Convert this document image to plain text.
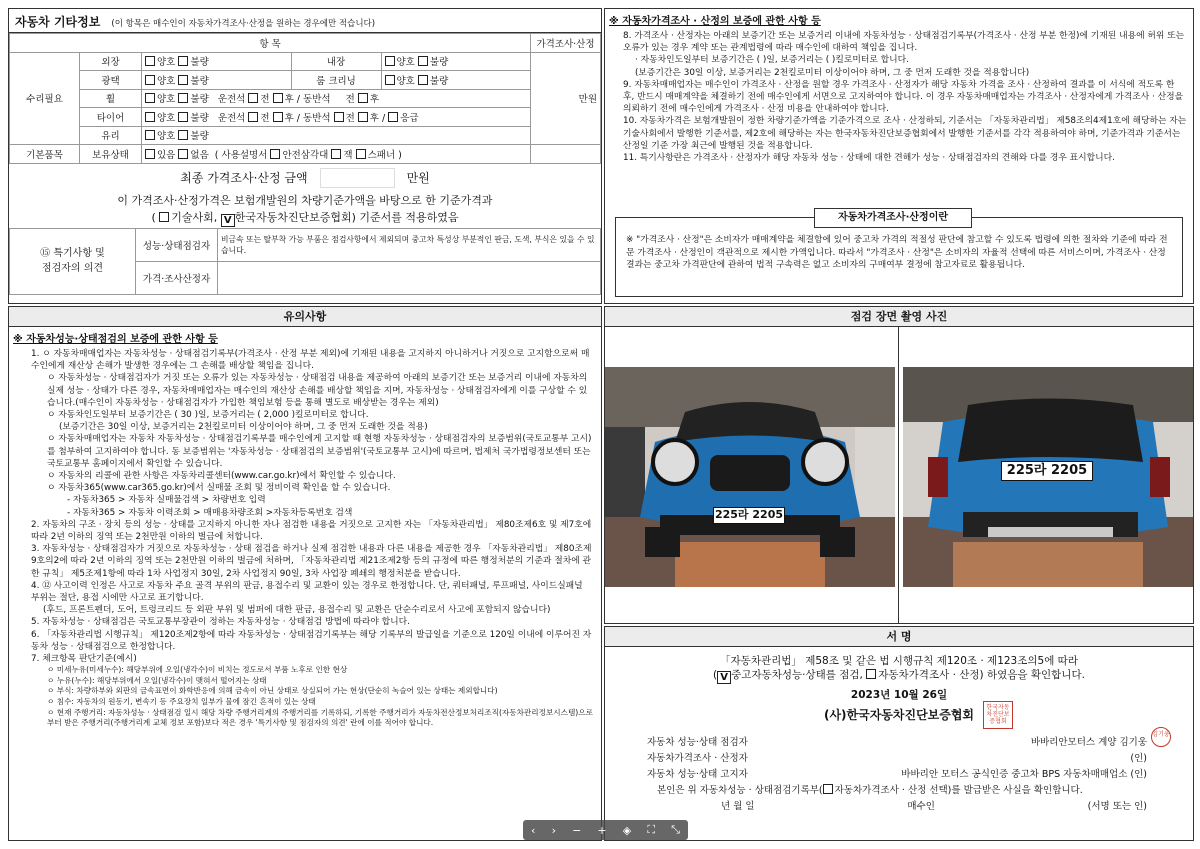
자동차 기타정보 (이 항목은 매수인이 자동차가격조사·산정을 원하는 경우에만 적습니다)
항 목					가격조사·산정
수리필요	외장	양호 불량	내장	양호 불량	만원
	광택	양호 불량	룸 크리닝	양호 불량	
	휠	양호 불량 운전석 전 후 / 동반석 전 후			
	타이어	양호 불량 운전석 전 후 / 동반석 전 후 / 응급			
	유리	양호 불량			
기본품목	보유상태	있음 없음 ( 사용설명서 안전삼각대 잭 스패너 )			
최종 가격조사·산정 금액	만원
이 가격조사·산정가격은 보험개발원의 차량기준가액을 바탕으로 한 기준가격과
( 기술사회, V 한국자동차진단보증협회) 기준서를 적용하였음
⑮ 특기사항 및
점검자의 의견	성능·상태점검자	비금속 또는 탈부착 가능 부품은 점검사항에서 제외되며 중고차 특성상 부분적인 판금, 도색, 부식은 있을 수 있습니다.
	가격·조사산정자	
※ 자동차가격조사 · 산정의 보증에 관한 사항 등
8. 가격조사 · 산정자는 아래의 보증기간 또는 보증거리 이내에 자동차성능 · 상태점검기록부(가격조사 · 산정 부분 한정)에 기재된 내용에 허위 또는 오류가 있는 경우 계약 또는 관계법령에 따라 매수인에 대하여 책임을 집니다.
· 자동차인도일부터 보증기간은 ( )일, 보증거리는 ( )킬로미터로 합니다.
(보증기간은 30일 이상, 보증거리는 2천킬로미터 이상이어야 하며, 그 중 먼저 도래한 것을 적용합니다)
9. 자동차매매업자는 매수인이 가격조사 · 산정을 원할 경우 가격조사 · 산정자가 해당 자동차 가격을 조사 · 산정하여 결과를 이 서식에 적도록 한 후, 반드시 매매계약을 체결하기 전에 매수인에게 서면으로 고지하여야 합니다. 이 경우 자동차매매업자는 가격조사 · 산정자에게 가격조사 · 산정을 의뢰하기 전에 매수인에게 가격조사 · 산정 비용을 안내하여야 합니다.
10. 자동차가격은 보험개발원이 정한 차량기준가액을 기준가격으로 조사 · 산정하되, 기준서는 「자동차관리법」 제58조의4제1호에 해당하는 자는 기술사회에서 발행한 기준서를, 제2호에 해당하는 자는 한국자동차진단보증협회에서 발행한 기준서를 각각 적용하여야 하며, 기준가격과 기준서는 산정일 기준 가장 최근에 발행된 것을 적용합니다.
11. 특기사항란은 가격조사 · 산정자가 해당 자동차 성능 · 상태에 대한 견해가 성능 · 상태점검자의 견해와 다를 경우 표시합니다.
자동차가격조사·산정이란
※ "가격조사 · 산정"은 소비자가 매매계약을 체결함에 있어 중고차 가격의 적절성 판단에 참고할 수 있도록 법령에 의한 절차와 기준에 따라 전문 가격조사 · 산정인이 객관적으로 제시한 가액입니다. 따라서 "가격조사 · 산정"은 소비자의 자율적 선택에 따른 서비스이며, 가격조사 · 산정 결과는 중고차 가격판단에 관하여 법적 구속력은 없고 소비자의 구매여부 결정에 참고자료로 활용됩니다.
유의사항
※ 자동차성능·상태점검의 보증에 관한 사항 등
1. ㅇ 자동차매매업자는 자동차성능 · 상태점검기록부(가격조사 · 산정 부분 제외)에 기재된 내용을 고지하지 아니하거나 거짓으로 고지함으로써 매수인에게 재산상 손해가 발생한 경우에는 그 손해를 배상할 책임을 집니다.
ㅇ 자동차성능 · 상태점검자가 거짓 또는 오류가 있는 자동차성능 · 상태점검 내용을 제공하여 아래의 보증기간 또는 보증거리 이내에 자동차의 실제 성능 · 상태가 다른 경우, 자동차매매업자는 매수인의 재산상 손해를 배상할 책임을 지며, 자동차성능 · 상태점검자에게 이를 구상할 수 있습니다.(매수인이 자동차성능 · 상태점검자가 가입한 책임보험 등을 통해 별도로 배상받는 경우는 제외)
ㅇ 자동차인도일부터 보증기간은 ( 30 )일, 보증거리는 ( 2,000 )킬로미터로 합니다.
(보증기간은 30일 이상, 보증거리는 2천킬로미터 이상이어야 하며, 그 중 먼저 도래한 것을 적용)
ㅇ 자동차매매업자는 자동차 자동차성능 · 상태점검기록부를 매수인에게 고지할 때 현행 자동차성능 · 상태점검자의 보증범위(국토교통부 고시)를 첨부하여 고지하여야 합니다. 동 보증범위는 '자동차성능 · 상태점검의 보증범위'(국토교통부 고시)에 따르며, 법제처 국가법령정보센터 또는 국토교통부 홈페이지에서 확인할 수 있습니다.
ㅇ 자동차의 리콜에 관한 사항은 자동차리콜센터(www.car.go.kr)에서 확인할 수 있습니다.
ㅇ 자동차365(www.car365.go.kr)에서 실매물 조회 및 정비이력 확인을 할 수 있습니다.
- 자동차365 > 자동차 실매물검색 > 차량번호 입력
- 자동차365 > 자동차 이력조회 > 매매용차량조회 >자동차등록번호 검색
2. 자동차의 구조 · 장치 등의 성능 · 상태를 고지하지 아니한 자나 점검한 내용을 거짓으로 고지한 자는 「자동차관리법」 제80조제6호 및 제7호에 따라 2년 이하의 징역 또는 2천만원 이하의 벌금에 처합니다.
3. 자동차성능 · 상태점검자가 거짓으로 자동차성능 · 상태 점검을 하거나 실제 점검한 내용과 다른 내용을 제공한 경우 「자동차관리법」 제80조제9호의2에 따라 2년 이하의 징역 또는 2천만원 이하의 벌금에 처하며, 「자동차관리법 제21조제2항 등의 규정에 따른 행정처분의 기준과 절차에 관한 규칙」 제5조제1항에 따라 1차 사업정지 30일, 2차 사업정지 90일, 3차 사업장 폐쇄의 행정처분을 받습니다.
4. ⑫ 사고이력 인정은 사고로 자동차 주요 골격 부위의 판금, 용접수리 및 교환이 있는 경우로 한정합니다. 단, 쿼터패널, 루프패널, 사이드실패널 부위는 절단, 용접 시에만 사고로 표기합니다.
(후드, 프론트펜더, 도어, 트렁크리드 등 외판 부위 및 범퍼에 대한 판금, 용접수리 및 교환은 단순수리로서 사고에 포함되지 않습니다)
5. 자동차성능 · 상태점검은 국토교통부장관이 정하는 자동차성능 · 상태점검 방법에 따라야 합니다.
6. 「자동차관리법 시행규칙」 제120조제2항에 따라 자동차성능 · 상태점검기록부는 해당 기록부의 발급일을 기준으로 120일 이내에 이루어진 자동차 성능 · 상태점검으로 한정합니다.
7. 체크항목 판단기준(예시)
ㅇ 미세누유(미세누수): 해당부위에 오일(냉각수)이 비치는 정도로서 부품 노후로 인한 현상
ㅇ 누유(누수): 해당부위에서 오일(냉각수)이 맺혀서 떨어지는 상태
ㅇ 부식: 차량하부와 외판의 금속표면이 화학반응에 의해 금속이 아닌 상태로 상실되어 가는 현상(단순히 녹슬어 있는 상태는 제외합니다)
ㅇ 침수: 자동차의 원동기, 변속기 등 주요장치 일부가 물에 잠긴 흔적이 있는 상태
ㅇ 현재 주행거리: 자동차성능 · 상태점검 일시 해당 차량 주행거리계의 주행거리를 기록하되, 기록한 주행거리가 자동차전산정보처리조직(자동차관리정보시스템)으로부터 받은 주행거리(주행거리계 교체 정보 포함)보다 적은 경우 '특기사항 및 점검자의 의견' 란에 이를 적어야 합니다.
점검 장면 촬영 사진
225라 2205
225라 2205
서 명
「자동차관리법」 제58조 및 같은 법 시행규칙 제120조 · 제123조의5에 따라
( V 중고자동차성능·상태를 점검, 자동차가격조사 · 산정) 하였음을 확인합니다.
2023년 10월 26일
(사)한국자동차진단보증협회
한국자동차진단보증협회
자동차 성능·상태 점검자	바바리안모터스 계양 김기웅
자동차가격조사 · 산정자	(인)
자동차 성능·상태 고지자	바바리안 모터스 공식인증 중고차 BPS 자동차매매업소 (인)
본인은 위 자동차성능 · 상태점검기록부( 자동차가격조사 · 산정 선택)를 발급받은 사실을 확인합니다.
년 월 일	매수인	(서명 또는 인)
김기웅
‹ › − + ◈ ⛶ ⤡
